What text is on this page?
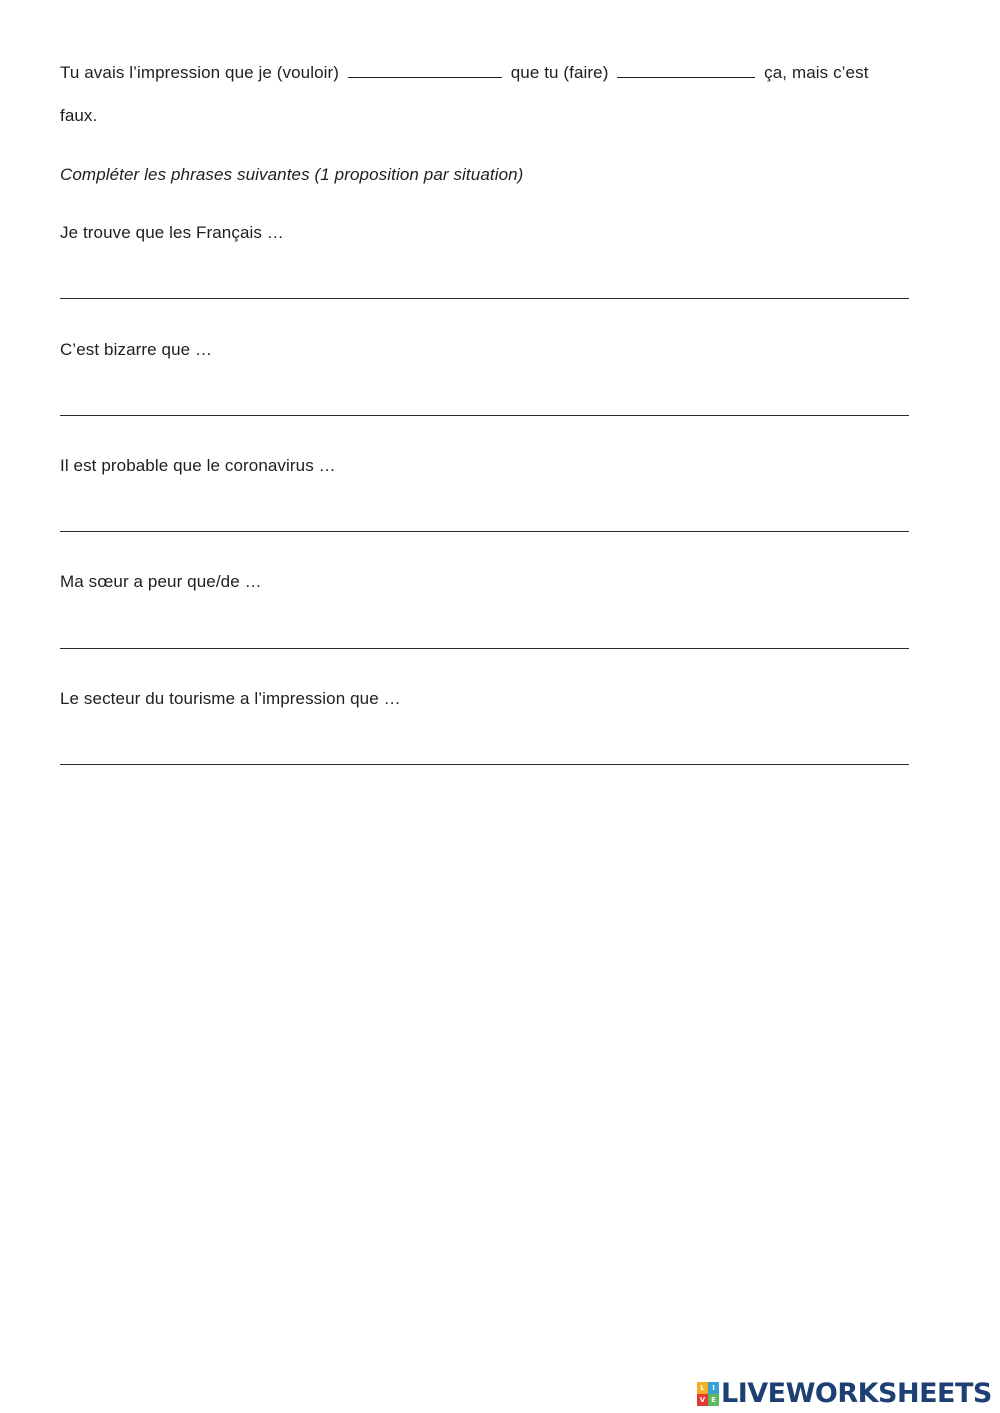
Tu avais l’impression que je (vouloir)	que tu (faire)	ça, mais c’est
faux.
Compléter les phrases suivantes (1 proposition par situation)
Je trouve que les Français …
C’est bizarre que …
Il est probable que le coronavirus …
Ma sœur a peur que/de …
Le secteur du tourisme a l’impression que …
L	I
V E LIVEWORKSHEETS
